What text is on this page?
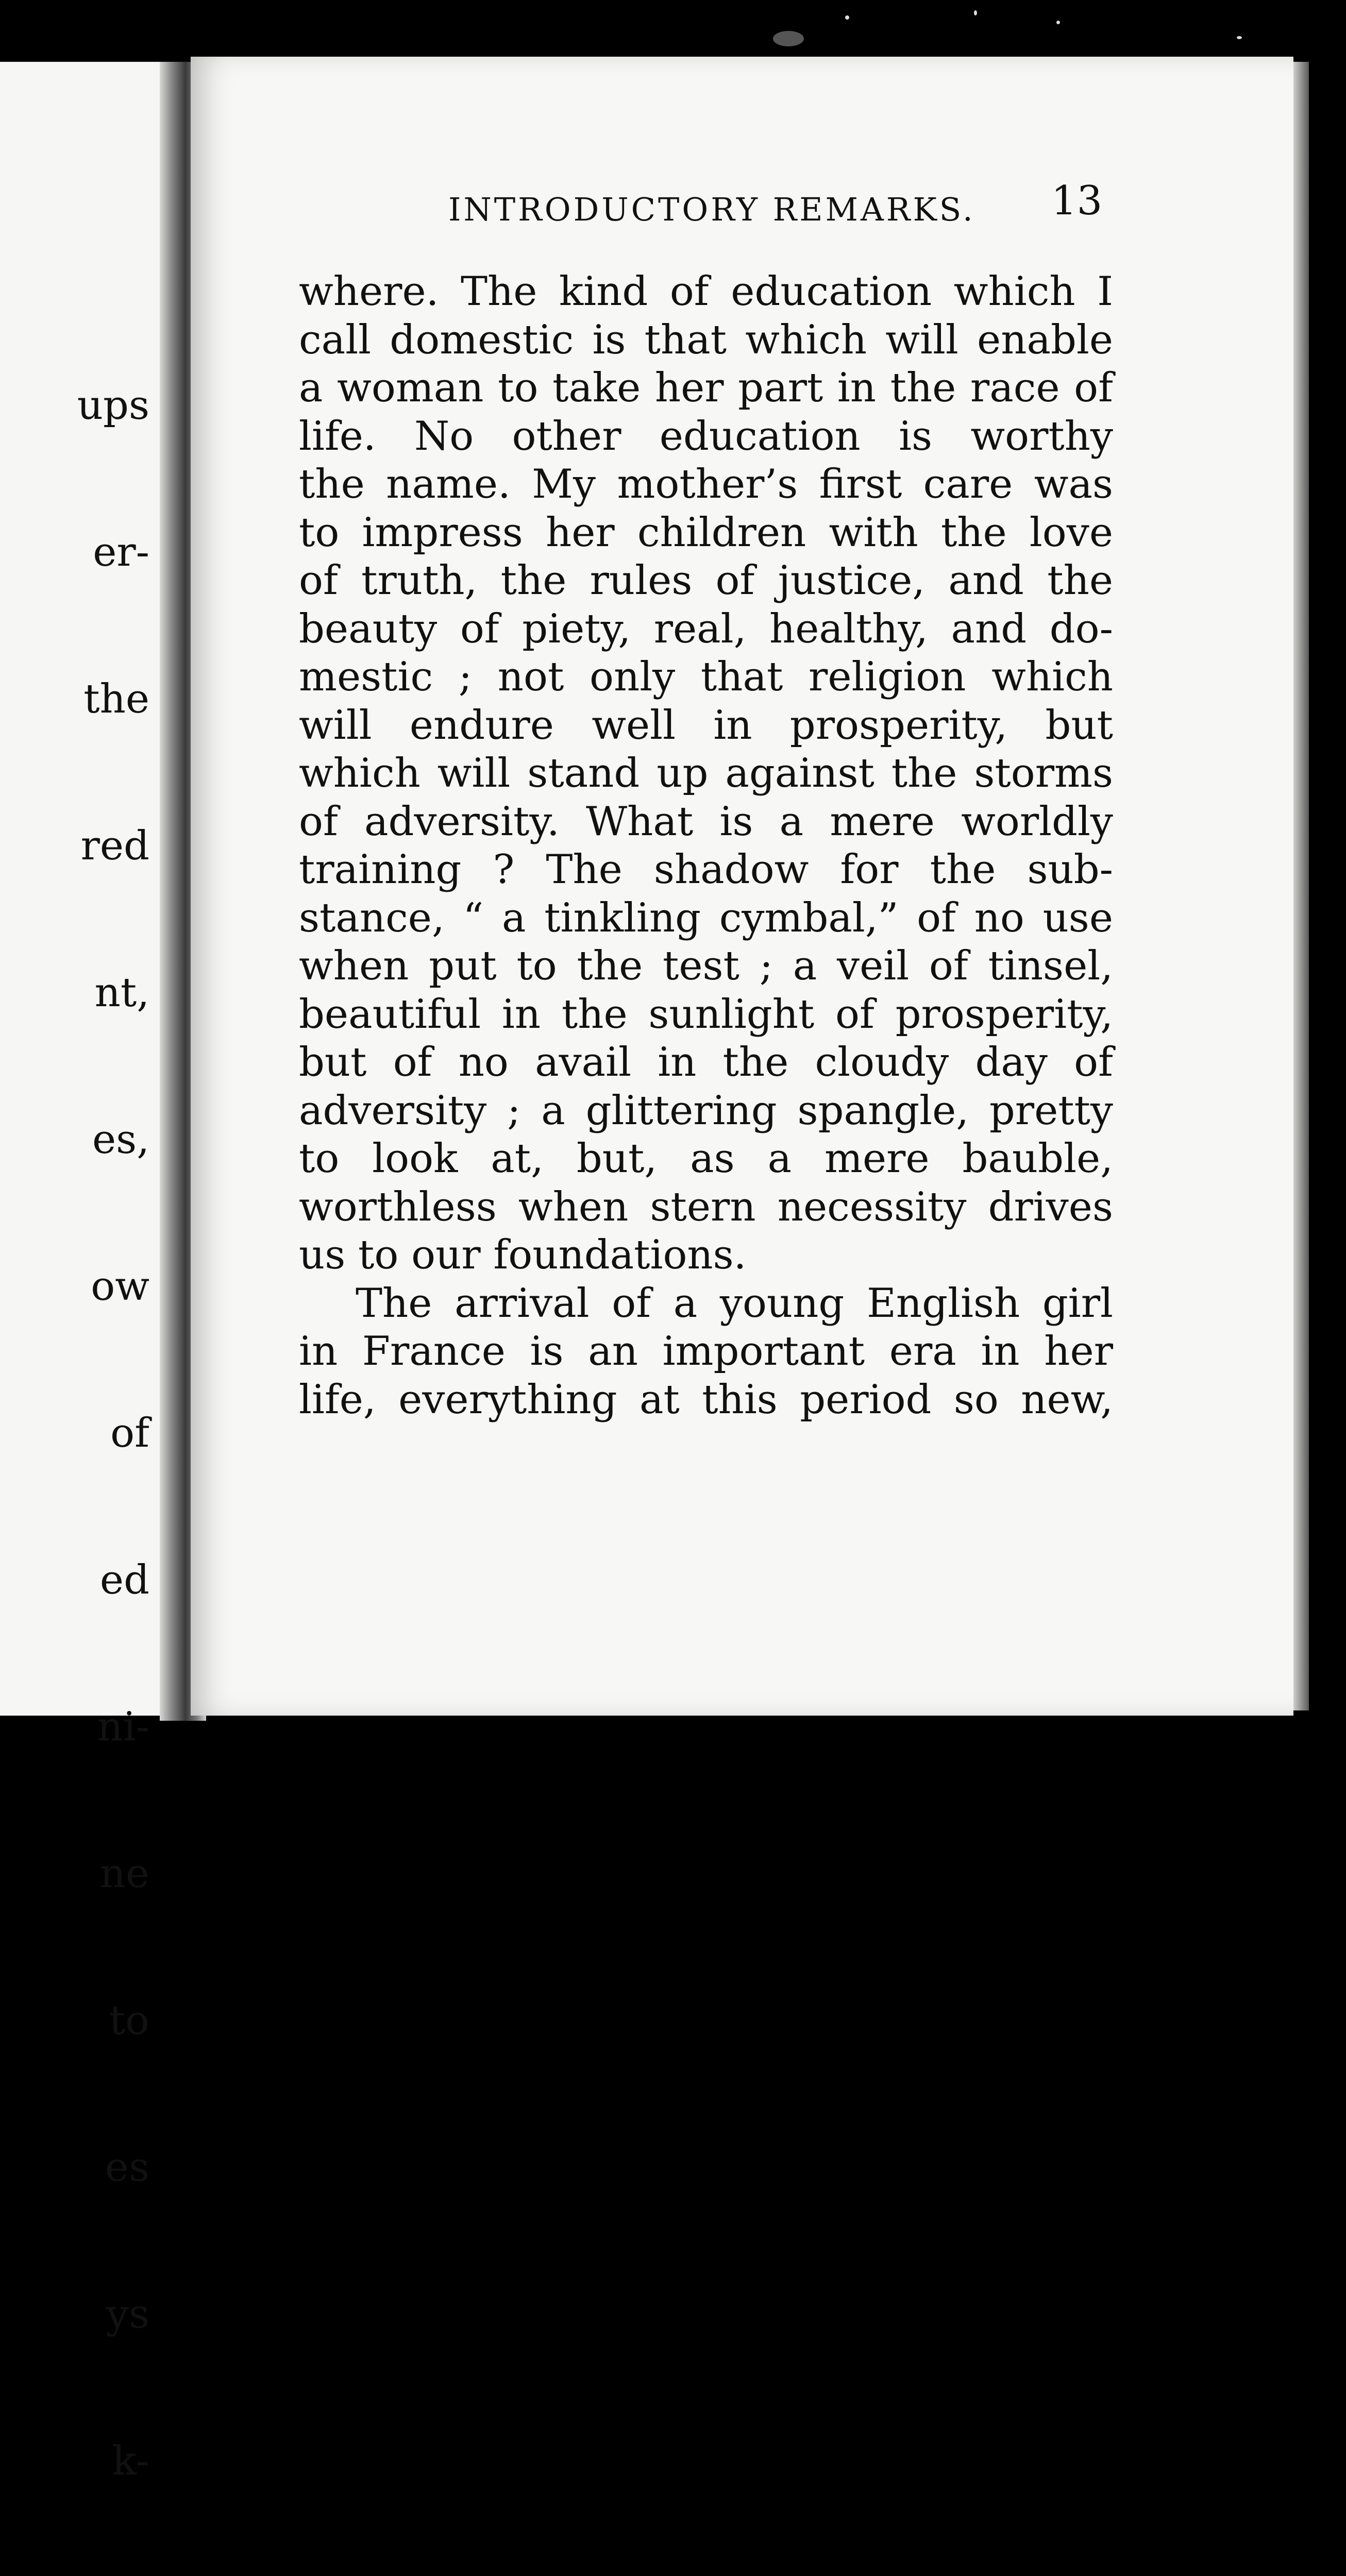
ups

er-

the

red

nt,

es,

ow

of

ed

ni-

ne

to

es

ys

k-

INTRODUCTORY REMARKS. 13
where. The kind of education which I
call domestic is that which will enable
a woman to take her part in the race of
life. No other education is worthy
the name. My mother’s first care was
to impress her children with the love
of truth, the rules of justice, and the
beauty of piety, real, healthy, and do-
mestic ; not only that religion which
will endure well in prosperity, but
which will stand up against the storms
of adversity. What is a mere worldly
training ? The shadow for the sub-
stance, “ a tinkling cymbal,” of no use
when put to the test ; a veil of tinsel,
beautiful in the sunlight of prosperity,
but of no avail in the cloudy day of
adversity ; a glittering spangle, pretty
to look at, but, as a mere bauble,
worthless when stern necessity drives
us to our foundations.
The arrival of a young English girl
in France is an important era in her
life, everything at this period so new,
